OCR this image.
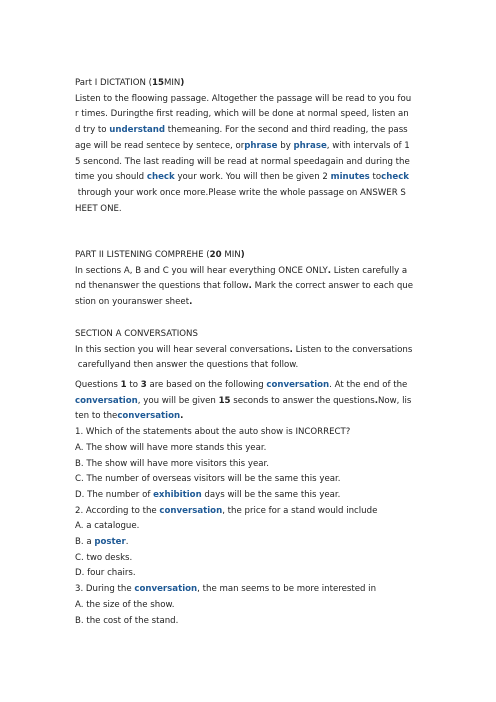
Part I DICTATION (15MIN)
Listen to the floowing passage. Altogether the passage will be read to you fou
r times. Duringthe first reading, which will be done at normal speed, listen an
d try to understand themeaning. For the second and third reading, the pass
age will be read sentece by sentece, orphrase by phrase, with intervals of 1
5 sencond. The last reading will be read at normal speedagain and during the
time you should check your work. You will then be given 2 minutes tocheck
through your work once more.Please write the whole passage on ANSWER S
HEET ONE.
PART II LISTENING COMPREHE (20 MIN)
In sections A, B and C you will hear everything ONCE ONLY. Listen carefully a
nd thenanswer the questions that follow. Mark the correct answer to each que
stion on youranswer sheet.
SECTION A CONVERSATIONS
In this section you will hear several conversations. Listen to the conversations
carefullyand then answer the questions that follow.
Questions 1 to 3 are based on the following conversation. At the end of the
conversation, you will be given 15 seconds to answer the questions.Now, lis
ten to theconversation.
1. Which of the statements about the auto show is INCORRECT?
A. The show will have more stands this year.
B. The show will have more visitors this year.
C. The number of overseas visitors will be the same this year.
D. The number of exhibition days will be the same this year.
2. According to the conversation, the price for a stand would include
A. a catalogue.
B. a poster.
C. two desks.
D. four chairs.
3. During the conversation, the man seems to be more interested in
A. the size of the show.
B. the cost of the stand.
